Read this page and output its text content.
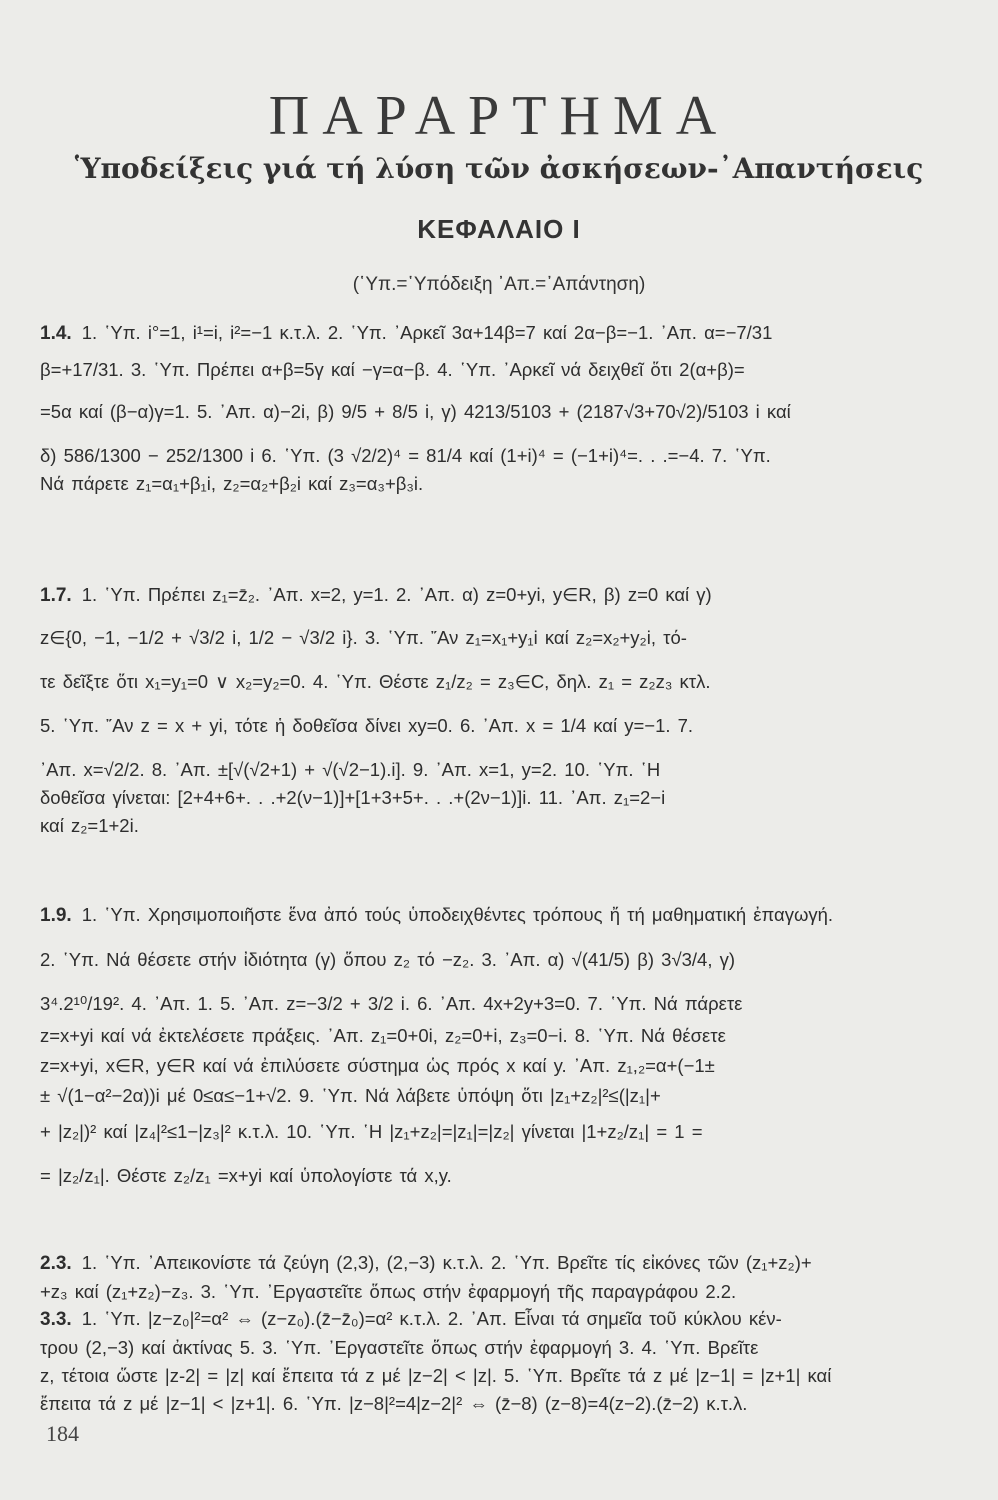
ΠΑΡΑΡΤΗΜΑ
Ὑποδείξεις γιά τή λύση τῶν ἀσκήσεων-᾽Απαντήσεις
ΚΕΦΑΛΑΙΟ Ι
(῾Υπ.=῾Υπόδειξη ᾽Απ.=᾽Απάντηση)
1.4. 1. ῾Υπ. i°=1, i¹=i, i²=−1 κ.τ.λ. 2. ῾Υπ. ᾽Αρκεῖ 3α+14β=7 καί 2α−β=−1. ᾽Απ. α=−7/31
β=+17/31. 3. ῾Υπ. Πρέπει α+β=5γ καί −γ=α−β. 4. ῾Υπ. ᾽Αρκεῖ νά δειχθεῖ ὅτι 2(α+β)=
=5α καί (β−α)γ=1. 5. ᾽Απ. α)−2i, β) 9/5 + 8/5 i, γ) 4213/5103 + (2187√3+70√2)/5103 i καί
δ) 586/1300 − 252/1300 i 6. ῾Υπ. (3 √2/2)⁴ = 81/4 καί (1+i)⁴ = (−1+i)⁴=. . .=−4. 7. ῾Υπ.
Νά πάρετε z₁=α₁+β₁i, z₂=α₂+β₂i καί z₃=α₃+β₃i.
1.7. 1. ῾Υπ. Πρέπει z₁=z̄₂. ᾽Απ. x=2, y=1. 2. ᾽Απ. α) z=0+yi, y∈R, β) z=0 καί γ)
z∈{0, −1, −1/2 + √3/2 i, 1/2 − √3/2 i}. 3. ῾Υπ. ῎Αν z₁=x₁+y₁i καί z₂=x₂+y₂i, τό-
τε δεῖξτε ὅτι x₁=y₁=0 ∨ x₂=y₂=0. 4. ῾Υπ. Θέστε z₁/z₂ = z₃∈C, δηλ. z₁ = z₂z₃ κτλ.
5. ῾Υπ. ῎Αν z = x + yi, τότε ἡ δοθεῖσα δίνει xy=0. 6. ᾽Απ. x = 1/4 καί y=−1. 7.
᾽Απ. x=√2/2. 8. ᾽Απ. ±[√(√2+1) + √(√2−1).i]. 9. ᾽Απ. x=1, y=2. 10. ῾Υπ. ῾Η
δοθεῖσα γίνεται: [2+4+6+. . .+2(ν−1)]+[1+3+5+. . .+(2ν−1)]i. 11. ᾽Απ. z₁=2−i
καί z₂=1+2i.
1.9. 1. ῾Υπ. Χρησιμοποιῆστε ἕνα ἀπό τούς ὑποδειχθέντες τρόπους ἤ τή μαθηματική ἐπαγωγή.
2. ῾Υπ. Νά θέσετε στήν ἰδιότητα (γ) ὅπου z₂ τό −z₂. 3. ᾽Απ. α) √(41/5) β) 3√3/4, γ)
3⁴.2¹⁰/19². 4. ᾽Απ. 1. 5. ᾽Απ. z=−3/2 + 3/2 i. 6. ᾽Απ. 4x+2y+3=0. 7. ῾Υπ. Νά πάρετε
z=x+yi καί νά ἐκτελέσετε πράξεις. ᾽Απ. z₁=0+0i, z₂=0+i, z₃=0−i. 8. ῾Υπ. Νά θέσετε
z=x+yi, x∈R, y∈R καί νά ἐπιλύσετε σύστημα ὡς πρός x καί y. ᾽Απ. z₁,₂=α+(−1±
± √(1−α²−2α))i μέ 0≤α≤−1+√2. 9. ῾Υπ. Νά λάβετε ὑπόψη ὅτι |z₁+z₂|²≤(|z₁|+
+ |z₂|)² καί |z₄|²≤1−|z₃|² κ.τ.λ. 10. ῾Υπ. ῾Η |z₁+z₂|=|z₁|=|z₂| γίνεται |1+z₂/z₁| = 1 =
= |z₂/z₁|. Θέστε z₂/z₁ =x+yi καί ὑπολογίστε τά x,y.
2.3. 1. ῾Υπ. ᾽Απεικονίστε τά ζεύγη (2,3), (2,−3) κ.τ.λ. 2. ῾Υπ. Βρεῖτε τίς εἰκόνες τῶν (z₁+z₂)+
+z₃ καί (z₁+z₂)−z₃. 3. ῾Υπ. ᾽Εργαστεῖτε ὅπως στήν ἐφαρμογή τῆς παραγράφου 2.2.
3.3. 1. ῾Υπ. |z−z₀|²=α² ⇔ (z−z₀).(z̄−z̄₀)=α² κ.τ.λ. 2. ᾽Απ. Εἶναι τά σημεῖα τοῦ κύκλου κέν-
τρου (2,−3) καί ἀκτίνας 5. 3. ῾Υπ. ᾽Εργαστεῖτε ὅπως στήν ἐφαρμογή 3. 4. ῾Υπ. Βρεῖτε
z, τέτοια ὥστε |z-2| = |z| καί ἔπειτα τά z μέ |z−2| < |z|. 5. ῾Υπ. Βρεῖτε τά z μέ |z−1| = |z+1| καί
ἔπειτα τά z μέ |z−1| < |z+1|. 6. ῾Υπ. |z−8|²=4|z−2|² ⇔ (z̄−8) (z−8)=4(z−2).(z̄−2) κ.τ.λ.
184
